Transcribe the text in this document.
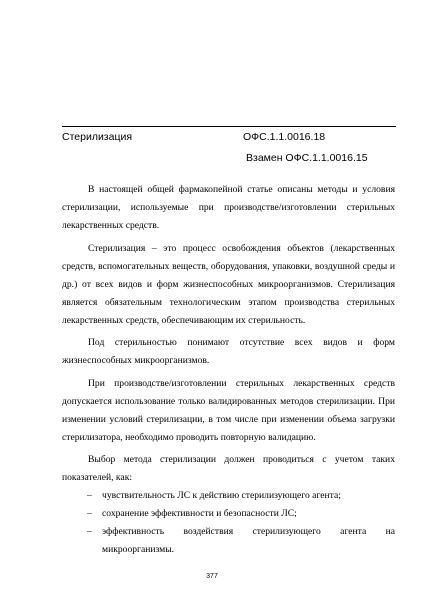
Стерилизация	ОФС.1.1.0016.18
Взамен ОФС.1.1.0016.15

В настоящей общей фармакопейной статье описаны методы и условия стерилизации, используемые при производстве/изготовлении стерильных лекарственных средств.

Стерилизация – это процесс освобождения объектов (лекарственных средств, вспомогательных веществ, оборудования, упаковки, воздушной среды и др.) от всех видов и форм жизнеспособных микроорганизмов. Стерилизация является обязательным технологическим этапом производства стерильных лекарственных средств, обеспечивающим их стерильность.

Под стерильностью понимают отсутствие всех видов и форм жизнеспособных микроорганизмов.

При производстве/изготовлении стерильных лекарственных средств допускается использование только валидированных методов стерилизации. При изменении условий стерилизации, в том числе при изменении объема загрузки стерилизатора, необходимо проводить повторную валидацию.

Выбор метода стерилизации должен проводиться с учетом таких показателей, как:

– чувствительность ЛС к действию стерилизующего агента;
– сохранение эффективности и безопасности ЛС;
– эффективность воздействия стерилизующего агента на микроорганизмы.
377
